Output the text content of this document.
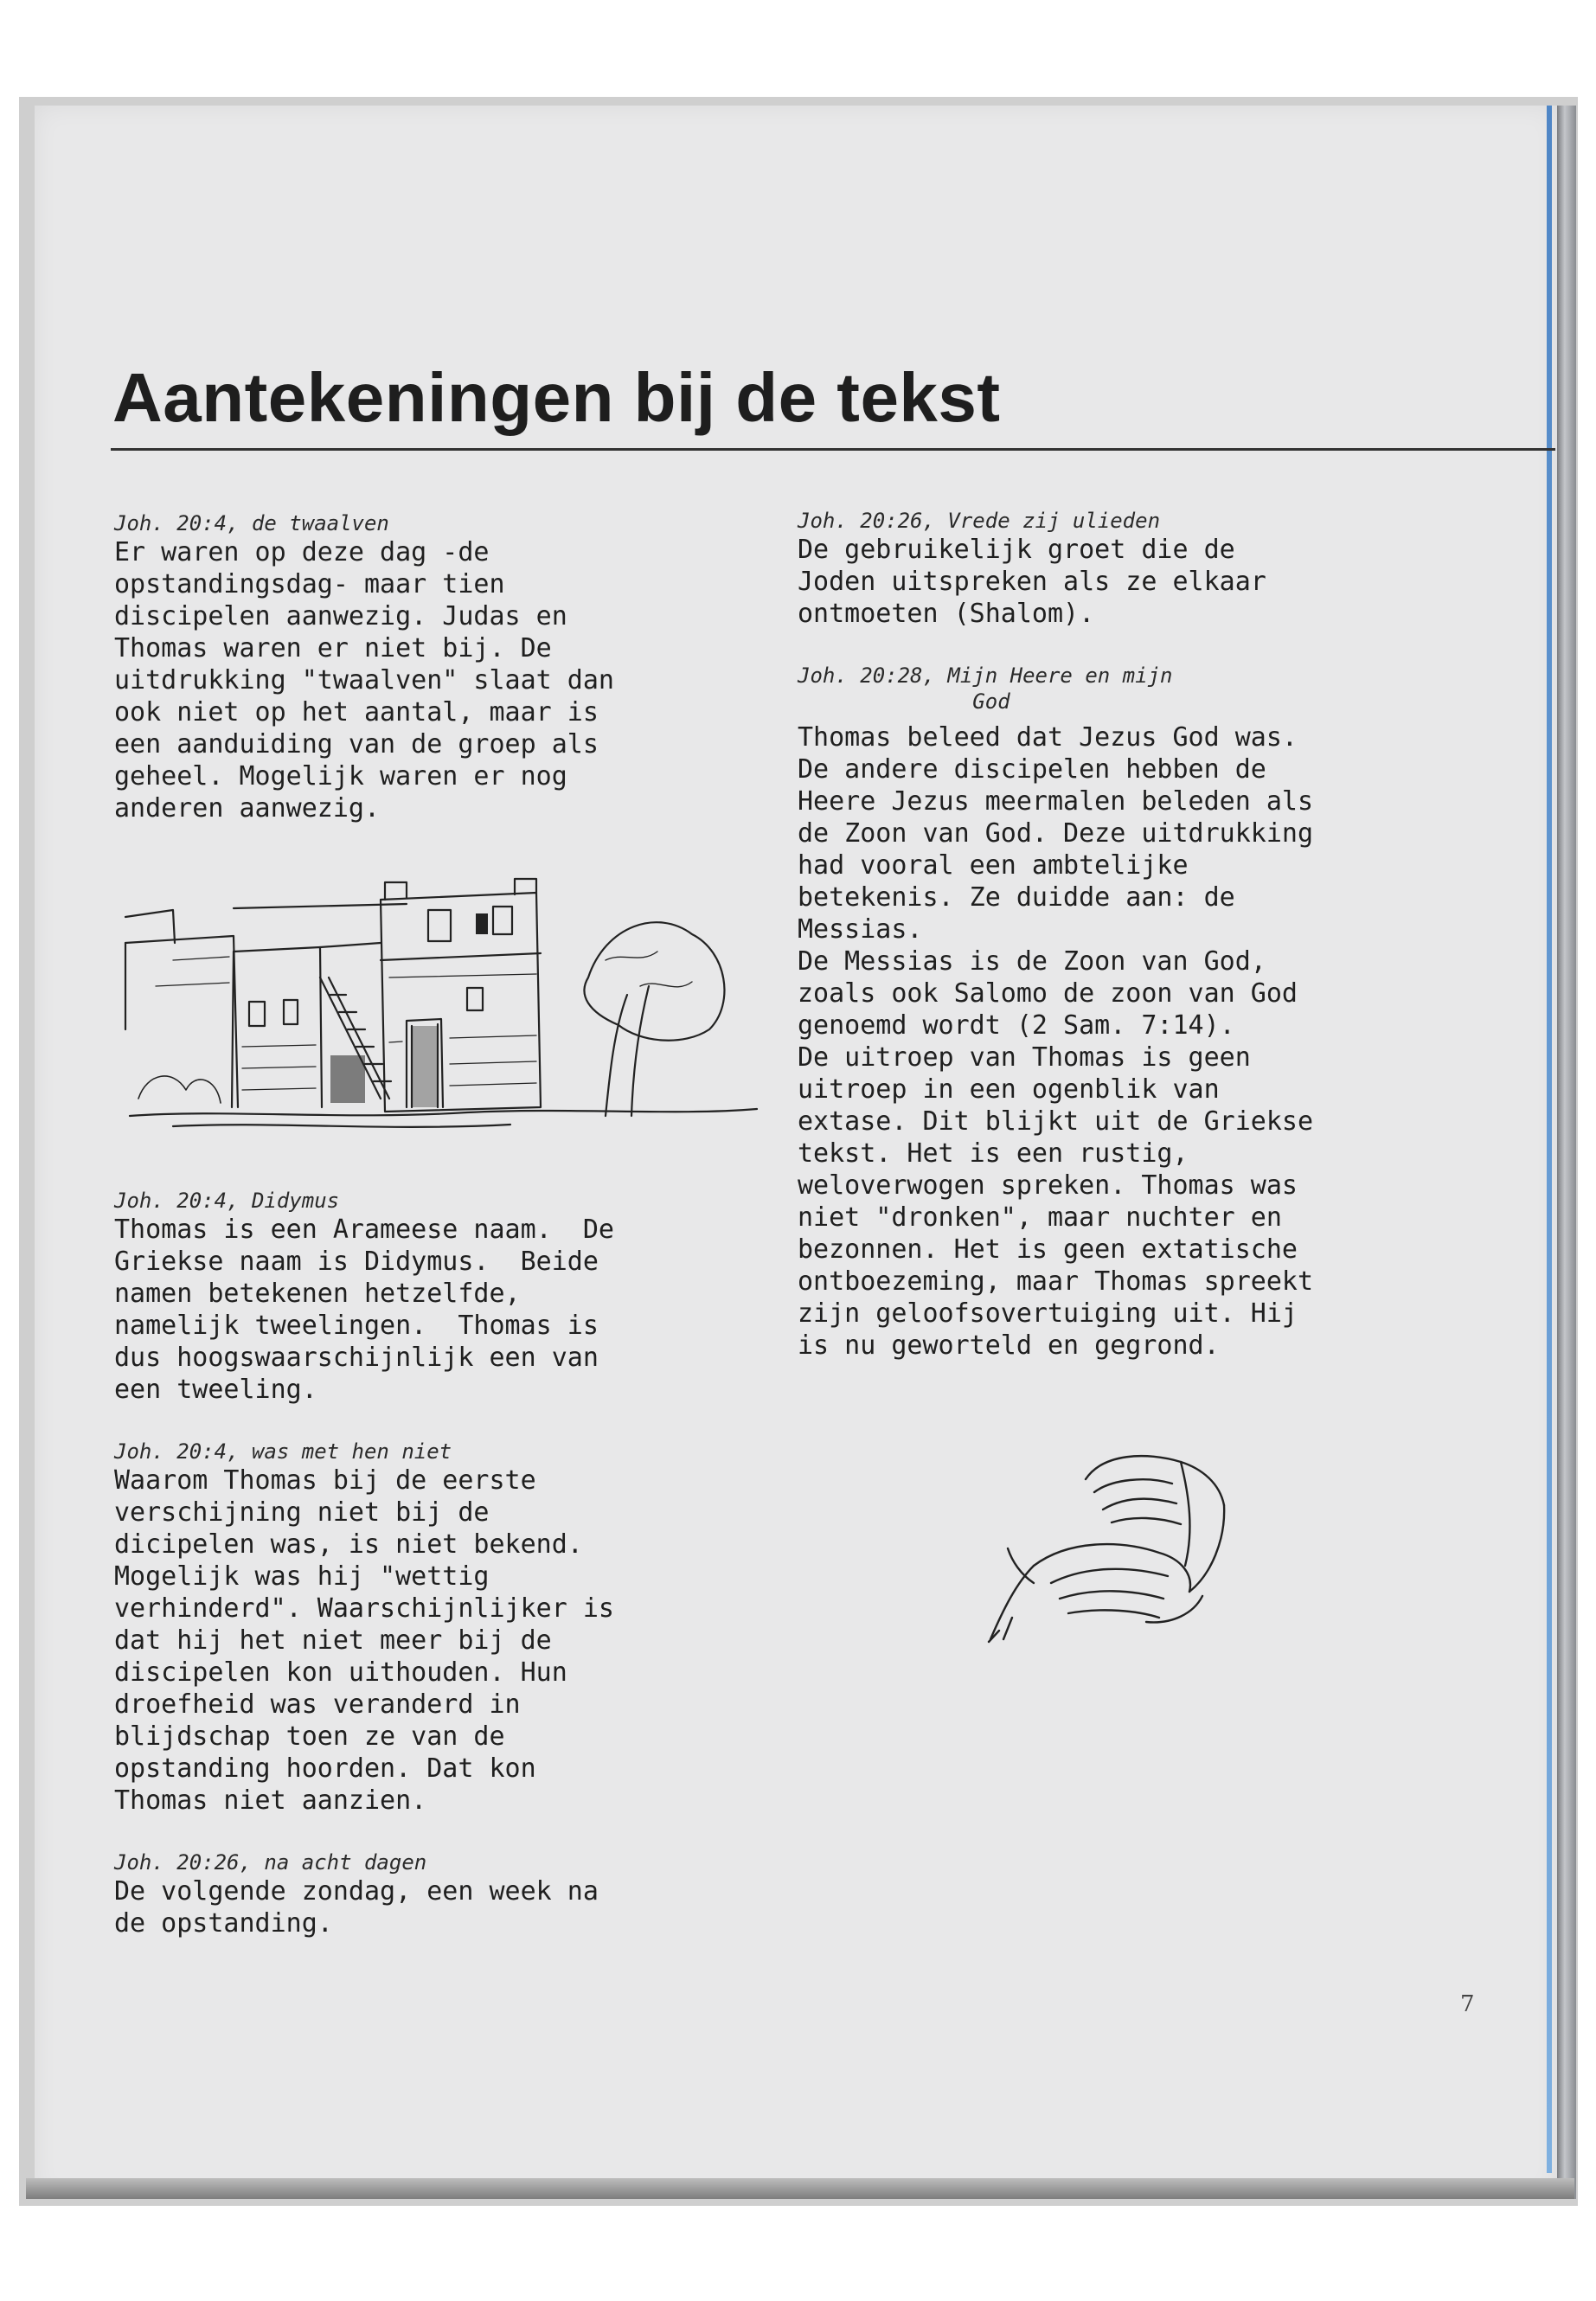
Aantekeningen bij de tekst

Joh. 20:4, de twaalven

Er waren op deze dag -de
opstandingsdag- maar tien
discipelen aanwezig. Judas en
Thomas waren er niet bij. De
uitdrukking "twaalven" slaat dan
ook niet op het aantal, maar is
een aanduiding van de groep als
geheel. Mogelijk waren er nog
anderen aanwezig.

Joh. 20:4, Didymus

Thomas is een Arameese naam.  De
Griekse naam is Didymus.  Beide
namen betekenen hetzelfde,
namelijk tweelingen.  Thomas is
dus hoogswaarschijnlijk een van
een tweeling.

Joh. 20:4, was met hen niet

Waarom Thomas bij de eerste
verschijning niet bij de
dicipelen was, is niet bekend.
Mogelijk was hij "wettig
verhinderd". Waarschijnlijker is
dat hij het niet meer bij de
discipelen kon uithouden. Hun
droefheid was veranderd in
blijdschap toen ze van de
opstanding hoorden. Dat kon
Thomas niet aanzien.

Joh. 20:26, na acht dagen

De volgende zondag, een week na
de opstanding.

Joh. 20:26, Vrede zij ulieden

De gebruikelijk groet die de
Joden uitspreken als ze elkaar
ontmoeten (Shalom).

Joh. 20:28, Mijn Heere en mijn
God

Thomas beleed dat Jezus God was.
De andere discipelen hebben de
Heere Jezus meermalen beleden als
de Zoon van God. Deze uitdrukking
had vooral een ambtelijke
betekenis. Ze duidde aan: de
Messias.
De Messias is de Zoon van God,
zoals ook Salomo de zoon van God
genoemd wordt (2 Sam. 7:14).
De uitroep van Thomas is geen
uitroep in een ogenblik van
extase. Dit blijkt uit de Griekse
tekst. Het is een rustig,
weloverwogen spreken. Thomas was
niet "dronken", maar nuchter en
bezonnen. Het is geen extatische
ontboezeming, maar Thomas spreekt
zijn geloofsovertuiging uit. Hij
is nu geworteld en gegrond.

7
